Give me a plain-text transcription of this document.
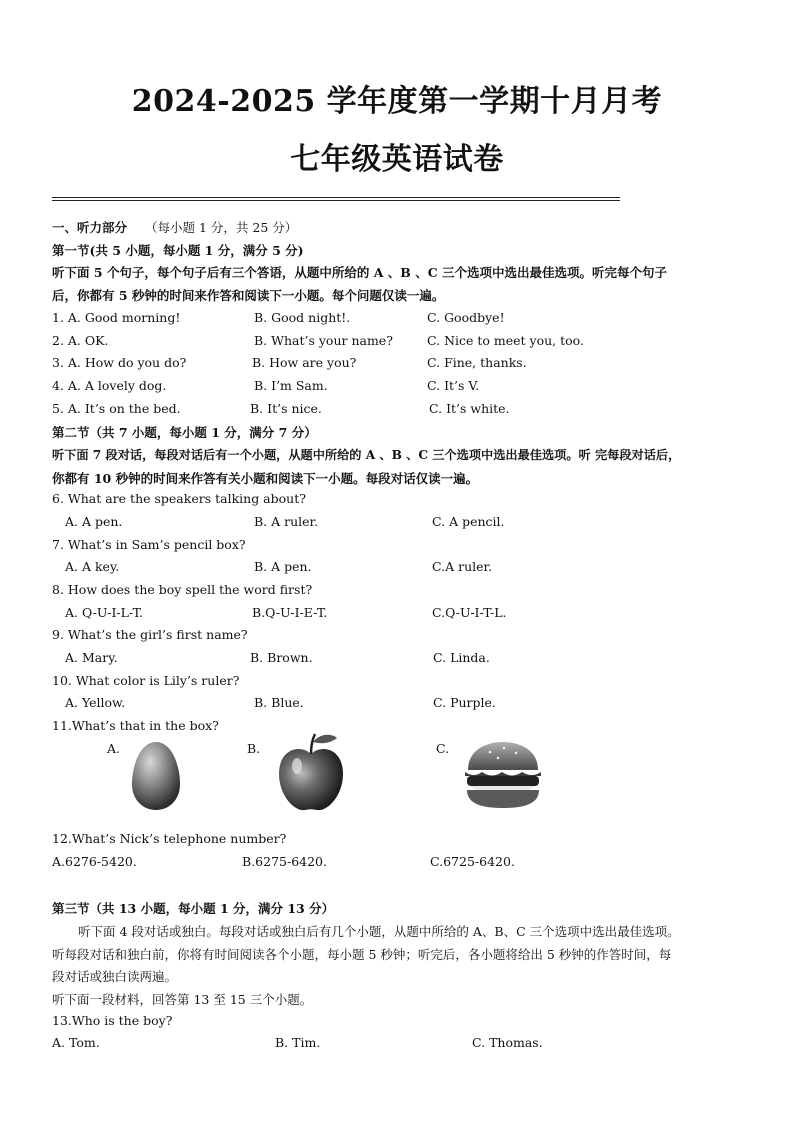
2024-2025 学年度第一学期十月月考
七年级英语试卷
一、听力部分 （每小题 1 分，共 25 分）
第一节(共 5 小题，每小题 1 分，满分 5 分)
听下面 5 个句子，每个句子后有三个答语，从题中所给的 A 、B 、C 三个选项中选出最佳选项。听完每个句子
后，你都有 5 秒钟的时间来作答和阅读下一小题。每个问题仅读一遍。
1. A. Good morning!	B. Good night!.	C. Goodbye!
2. A. OK.	B. What’s your name?	C. Nice to meet you, too.
3. A. How do you do?	B. How are you?	C. Fine, thanks.
4. A. A lovely dog.	B. I’m Sam.	C. It’s V.
5. A. It’s on the bed.	B. It’s nice.	C. It’s white.
第二节（共 7 小题，每小题 1 分，满分 7 分）
听下面 7 段对话，每段对话后有一个小题，从题中所给的 A 、B 、C 三个选项中选出最佳选项。听 完每段对话后，
你都有 10 秒钟的时间来作答有关小题和阅读下一小题。每段对话仅读一遍。
6. What are the speakers talking about?
A. A pen.	B. A ruler.	C. A pencil.
7. What’s in Sam’s pencil box?
A. A key.	B. A pen.	C.A ruler.
8. How does the boy spell the word first?
A. Q-U-I-L-T.	B.Q-U-I-E-T.	C.Q-U-I-T-L.
9. What’s the girl’s first name?
A. Mary.	B. Brown.	C. Linda.
10. What color is Lily’s ruler?
A. Yellow.	B. Blue.	C. Purple.
11.What’s that in the box?
A.	B.	C.
12.What’s Nick’s telephone number?
A.6276-5420.	B.6275-6420.	C.6725-6420.
第三节（共 13 小题，每小题 1 分，满分 13 分）
听下面 4 段对话或独白。每段对话或独白后有几个小题，从题中所给的 A、B、C 三个选项中选出最佳选项。
听每段对话和独白前，你将有时间阅读各个小题，每小题 5 秒钟；听完后，各小题将给出 5 秒钟的作答时间，每
段对话或独白读两遍。
听下面一段材料，回答第 13 至 15 三个小题。
13.Who is the boy?
A. Tom.	B. Tim.	C. Thomas.
